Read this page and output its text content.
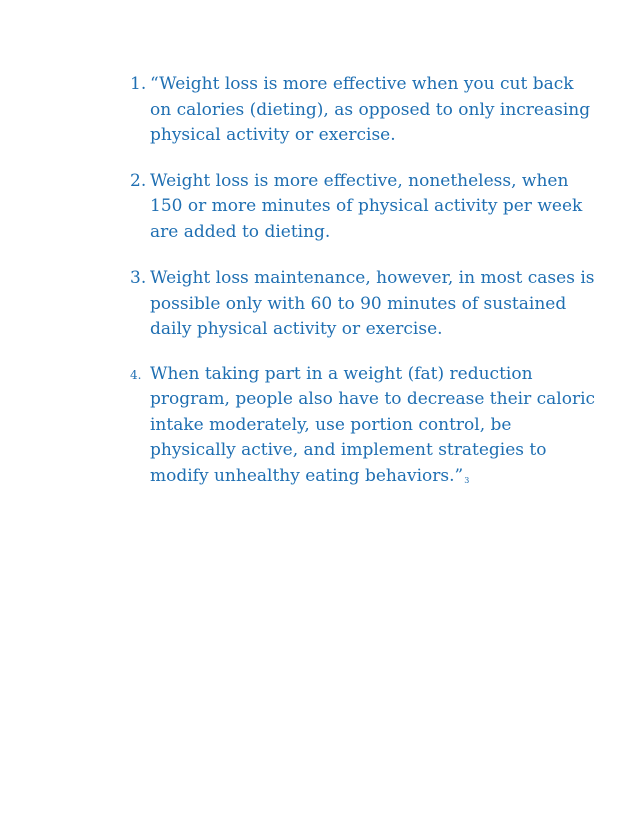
1. “Weight loss is more effective when you cut back
on calories (dieting), as opposed to only increasing
physical activity or exercise.
2. Weight loss is more effective, nonetheless, when
150 or more minutes of physical activity per week
are added to dieting.
3. Weight loss maintenance, however, in most cases is
possible only with 60 to 90 minutes of sustained
daily physical activity or exercise.
4. When taking part in a weight (fat) reduction
program, people also have to decrease their caloric
intake moderately, use portion control, be
physically active, and implement strategies to
modify unhealthy eating behaviors.”3
